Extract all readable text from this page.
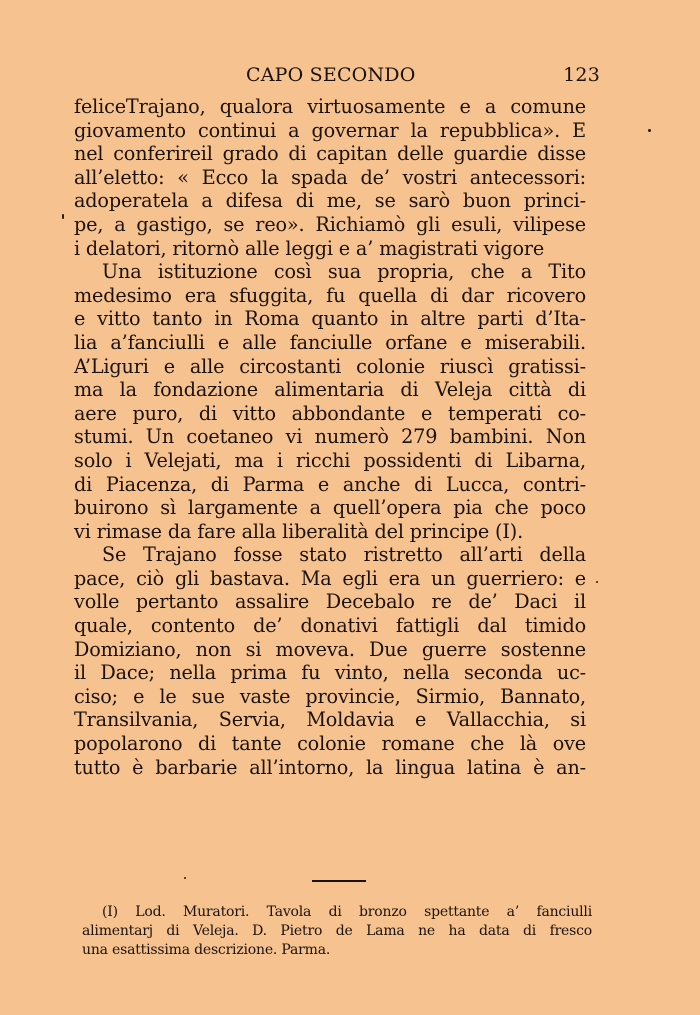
CAPO SECONDO	123
feliceTrajano, qualora virtuosamente e a comune
giovamento continui a governar la repubblica». E
nel conferireil grado di capitan delle guardie disse
all’eletto: « Ecco la spada de’ vostri antecessori:
adoperatela a difesa di me, se sarò buon princi-
pe, a gastigo, se reo». Richiamò gli esuli, vilipese
i delatori, ritornò alle leggi e a’ magistrati vigore
Una istituzione così sua propria, che a Tito
medesimo era sfuggita, fu quella di dar ricovero
e vitto tanto in Roma quanto in altre parti d’Ita-
lia a’fanciulli e alle fanciulle orfane e miserabili.
A’Liguri e alle circostanti colonie riuscì gratissi-
ma la fondazione alimentaria di Veleja città di
aere puro, di vitto abbondante e temperati co-
stumi. Un coetaneo vi numerò 279 bambini. Non
solo i Velejati, ma i ricchi possidenti di Libarna,
di Piacenza, di Parma e anche di Lucca, contri-
buirono sì largamente a quell’opera pia che poco
vi rimase da fare alla liberalità del principe (I).
Se Trajano fosse stato ristretto all’arti della
pace, ciò gli bastava. Ma egli era un guerriero: e
volle pertanto assalire Decebalo re de’ Daci il
quale, contento de’ donativi fattigli dal timido
Domiziano, non si moveva. Due guerre sostenne
il Dace; nella prima fu vinto, nella seconda uc-
ciso; e le sue vaste provincie, Sirmio, Bannato,
Transilvania, Servia, Moldavia e Vallacchia, si
popolarono di tante colonie romane che là ove
tutto è barbarie all’intorno, la lingua latina è an-
(I) Lod. Muratori. Tavola di bronzo spettante a’ fanciulli
alimentarj di Veleja. D. Pietro de Lama ne ha data di fresco
una esattissima descrizione. Parma.
